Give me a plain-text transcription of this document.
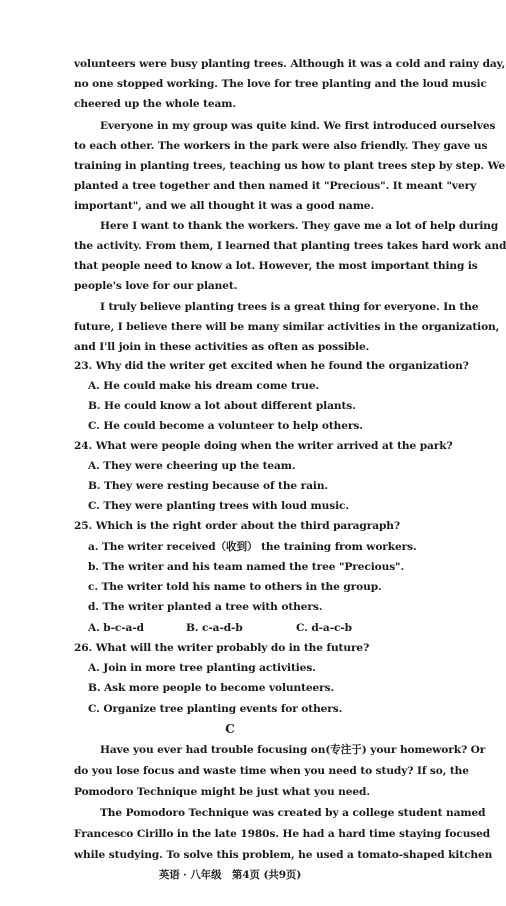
volunteers were busy planting trees. Although it was a cold and rainy day,
no one stopped working. The love for tree planting and the loud music
cheered up the whole team.
Everyone in my group was quite kind. We first introduced ourselves
to each other. The workers in the park were also friendly. They gave us
training in planting trees, teaching us how to plant trees step by step. We
planted a tree together and then named it "Precious". It meant "very
important", and we all thought it was a good name.
Here I want to thank the workers. They gave me a lot of help during
the activity. From them, I learned that planting trees takes hard work and
that people need to know a lot. However, the most important thing is
people's love for our planet.
I truly believe planting trees is a great thing for everyone. In the
future, I believe there will be many similar activities in the organization,
and I'll join in these activities as often as possible.
23. Why did the writer get excited when he found the organization?
A. He could make his dream come true.
B. He could know a lot about different plants.
C. He could become a volunteer to help others.
24. What were people doing when the writer arrived at the park?
A. They were cheering up the team.
B. They were resting because of the rain.
C. They were planting trees with loud music.
25. Which is the right order about the third paragraph?
a. The writer received（收到） the training from workers.
b. The writer and his team named the tree "Precious".
c. The writer told his name to others in the group.
d. The writer planted a tree with others.
A. b-c-a-d	B. c-a-d-b	C. d-a-c-b
26. What will the writer probably do in the future?
A. Join in more tree planting activities.
B. Ask more people to become volunteers.
C. Organize tree planting events for others.
C
Have you ever had trouble focusing on(专注于) your homework? Or
do you lose focus and waste time when you need to study? If so, the
Pomodoro Technique might be just what you need.
The Pomodoro Technique was created by a college student named
Francesco Cirillo in the late 1980s. He had a hard time staying focused
while studying. To solve this problem, he used a tomato-shaped kitchen
英语 · 八年级　第4页 (共9页)
